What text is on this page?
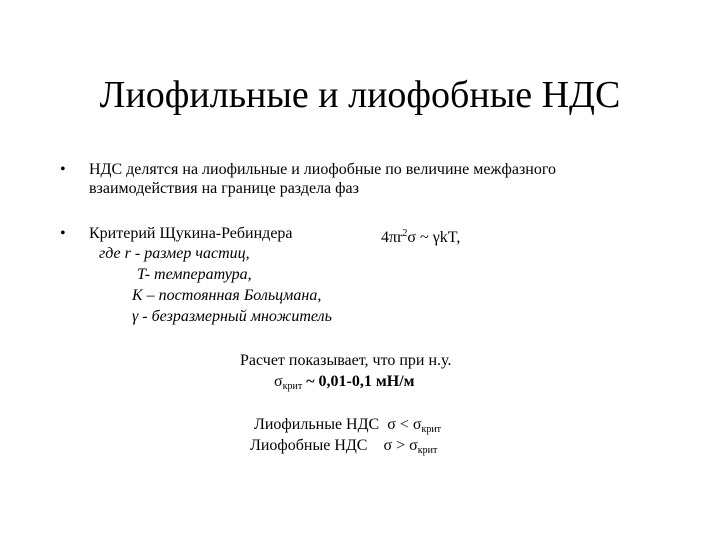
Лиофильные и лиофобные НДС
• НДС делятся на лиофильные и лиофобные по величине межфазного
взаимодействия на границе раздела фаз
• Критерий Щукина-Ребиндера	$4\pi r^2\sigma$ ~ γkT,
где r - размер частиц,
T- температура,
K – постоянная Больцмана,
γ - безразмерный множитель
Расчет показывает, что при н.у.
$\sigma_{крит}$ ~ 0,01-0,1 мН/м
Лиофильные НДС $\sigma < \sigma_{крит}$
Лиофобные НДС $\sigma > \sigma_{крит}$
